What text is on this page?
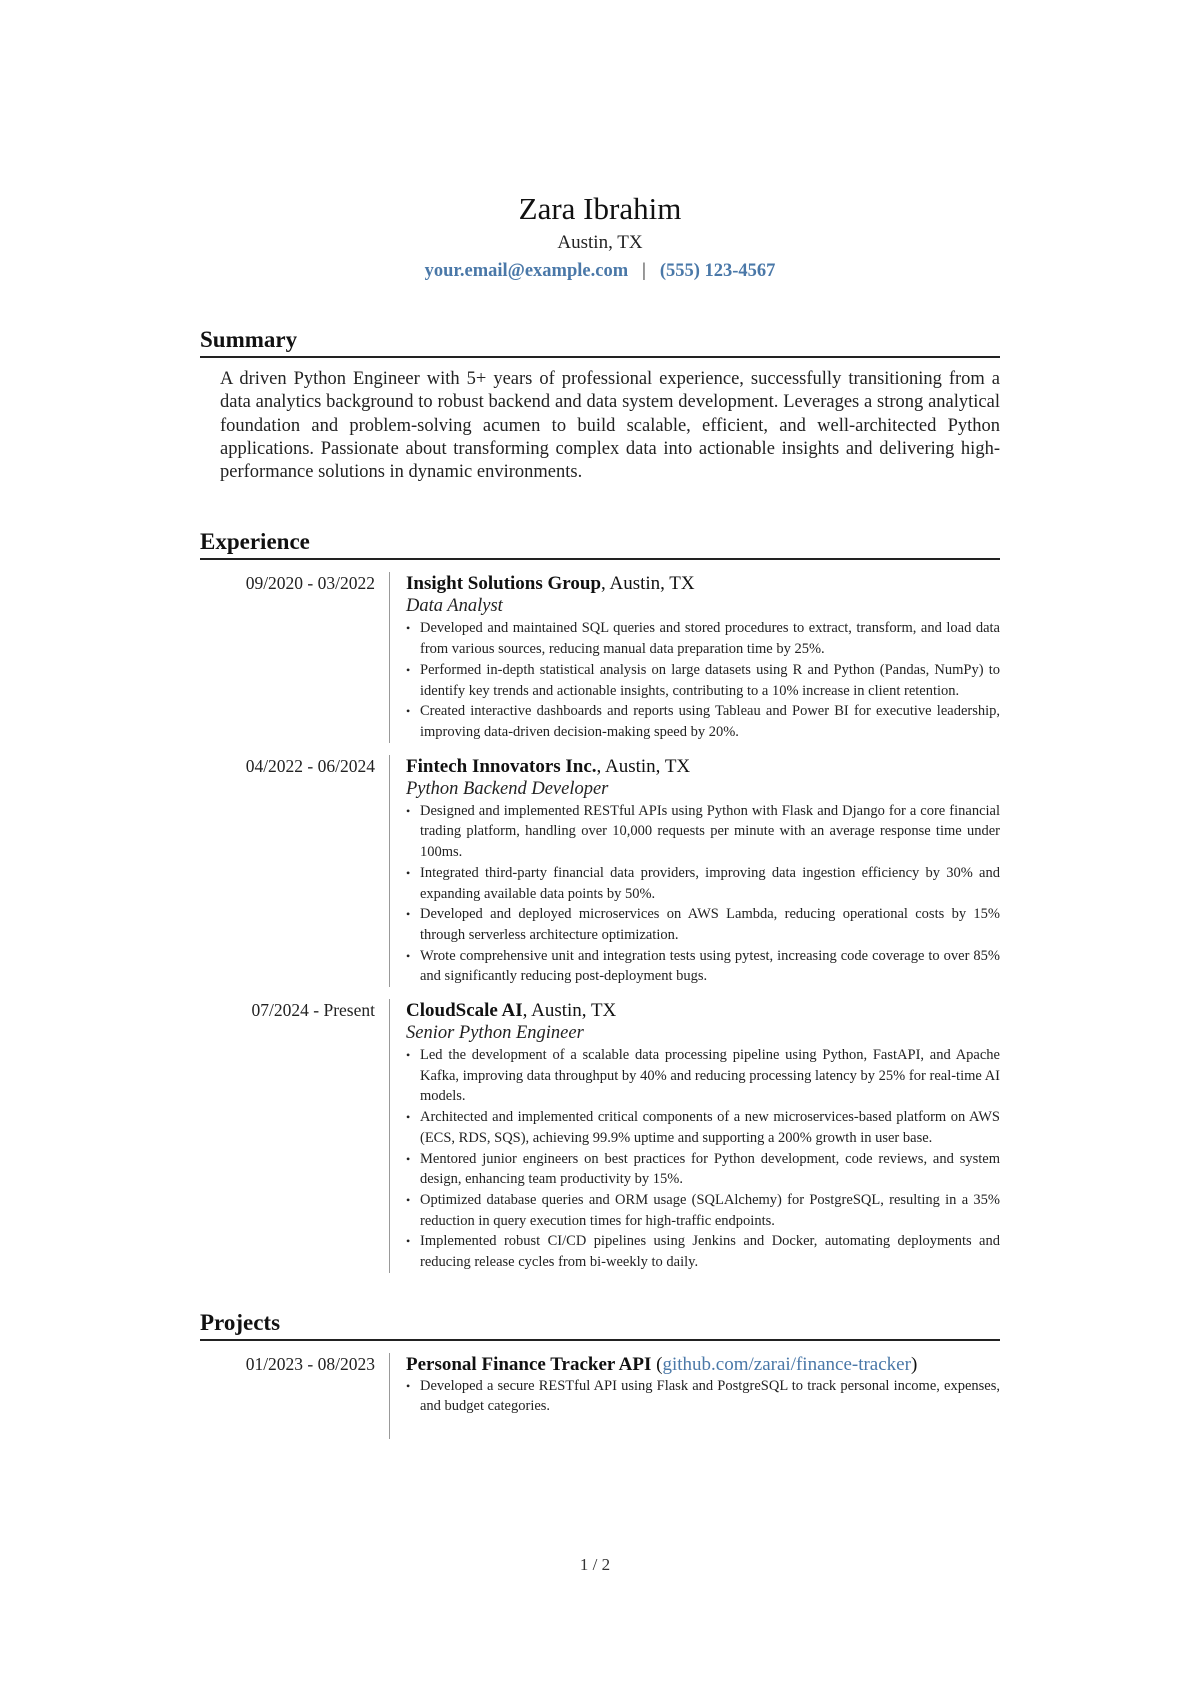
Zara Ibrahim
Austin, TX
your.email@example.com | (555) 123-4567
Summary

A driven Python Engineer with 5+ years of professional experience, successfully transitioning from a data analytics background to robust backend and data system development. Leverages a strong analytical foundation and problem-solving acumen to build scalable, efficient, and well-architected Python applications. Passionate about transforming complex data into actionable insights and delivering high-performance solutions in dynamic environments.

Experience
09/2020 - 03/2022	Insight Solutions Group, Austin, TX
Data Analyst
• Developed and maintained SQL queries and stored procedures to extract, transform, and load data from various sources, reducing manual data preparation time by 25%.
• Performed in-depth statistical analysis on large datasets using R and Python (Pandas, NumPy) to identify key trends and actionable insights, contributing to a 10% increase in client retention.
• Created interactive dashboards and reports using Tableau and Power BI for executive leadership, improving data-driven decision-making speed by 20%.
04/2022 - 06/2024	Fintech Innovators Inc., Austin, TX
Python Backend Developer
• Designed and implemented RESTful APIs using Python with Flask and Django for a core financial trading platform, handling over 10,000 requests per minute with an average response time under 100ms.
• Integrated third-party financial data providers, improving data ingestion efficiency by 30% and expanding available data points by 50%.
• Developed and deployed microservices on AWS Lambda, reducing operational costs by 15% through serverless architecture optimization.
• Wrote comprehensive unit and integration tests using pytest, increasing code coverage to over 85% and significantly reducing post-deployment bugs.
07/2024 - Present	CloudScale AI, Austin, TX
Senior Python Engineer
• Led the development of a scalable data processing pipeline using Python, FastAPI, and Apache Kafka, improving data throughput by 40% and reducing processing latency by 25% for real-time AI models.
• Architected and implemented critical components of a new microservices-based platform on AWS (ECS, RDS, SQS), achieving 99.9% uptime and supporting a 200% growth in user base.
• Mentored junior engineers on best practices for Python development, code reviews, and system design, enhancing team productivity by 15%.
• Optimized database queries and ORM usage (SQLAlchemy) for PostgreSQL, resulting in a 35% reduction in query execution times for high-traffic endpoints.
• Implemented robust CI/CD pipelines using Jenkins and Docker, automating deployments and reducing release cycles from bi-weekly to daily.
Projects
01/2023 - 08/2023	Personal Finance Tracker API (github.com/zarai/finance-tracker)
• Developed a secure RESTful API using Flask and PostgreSQL to track personal income, expenses, and budget categories.
1 / 2
